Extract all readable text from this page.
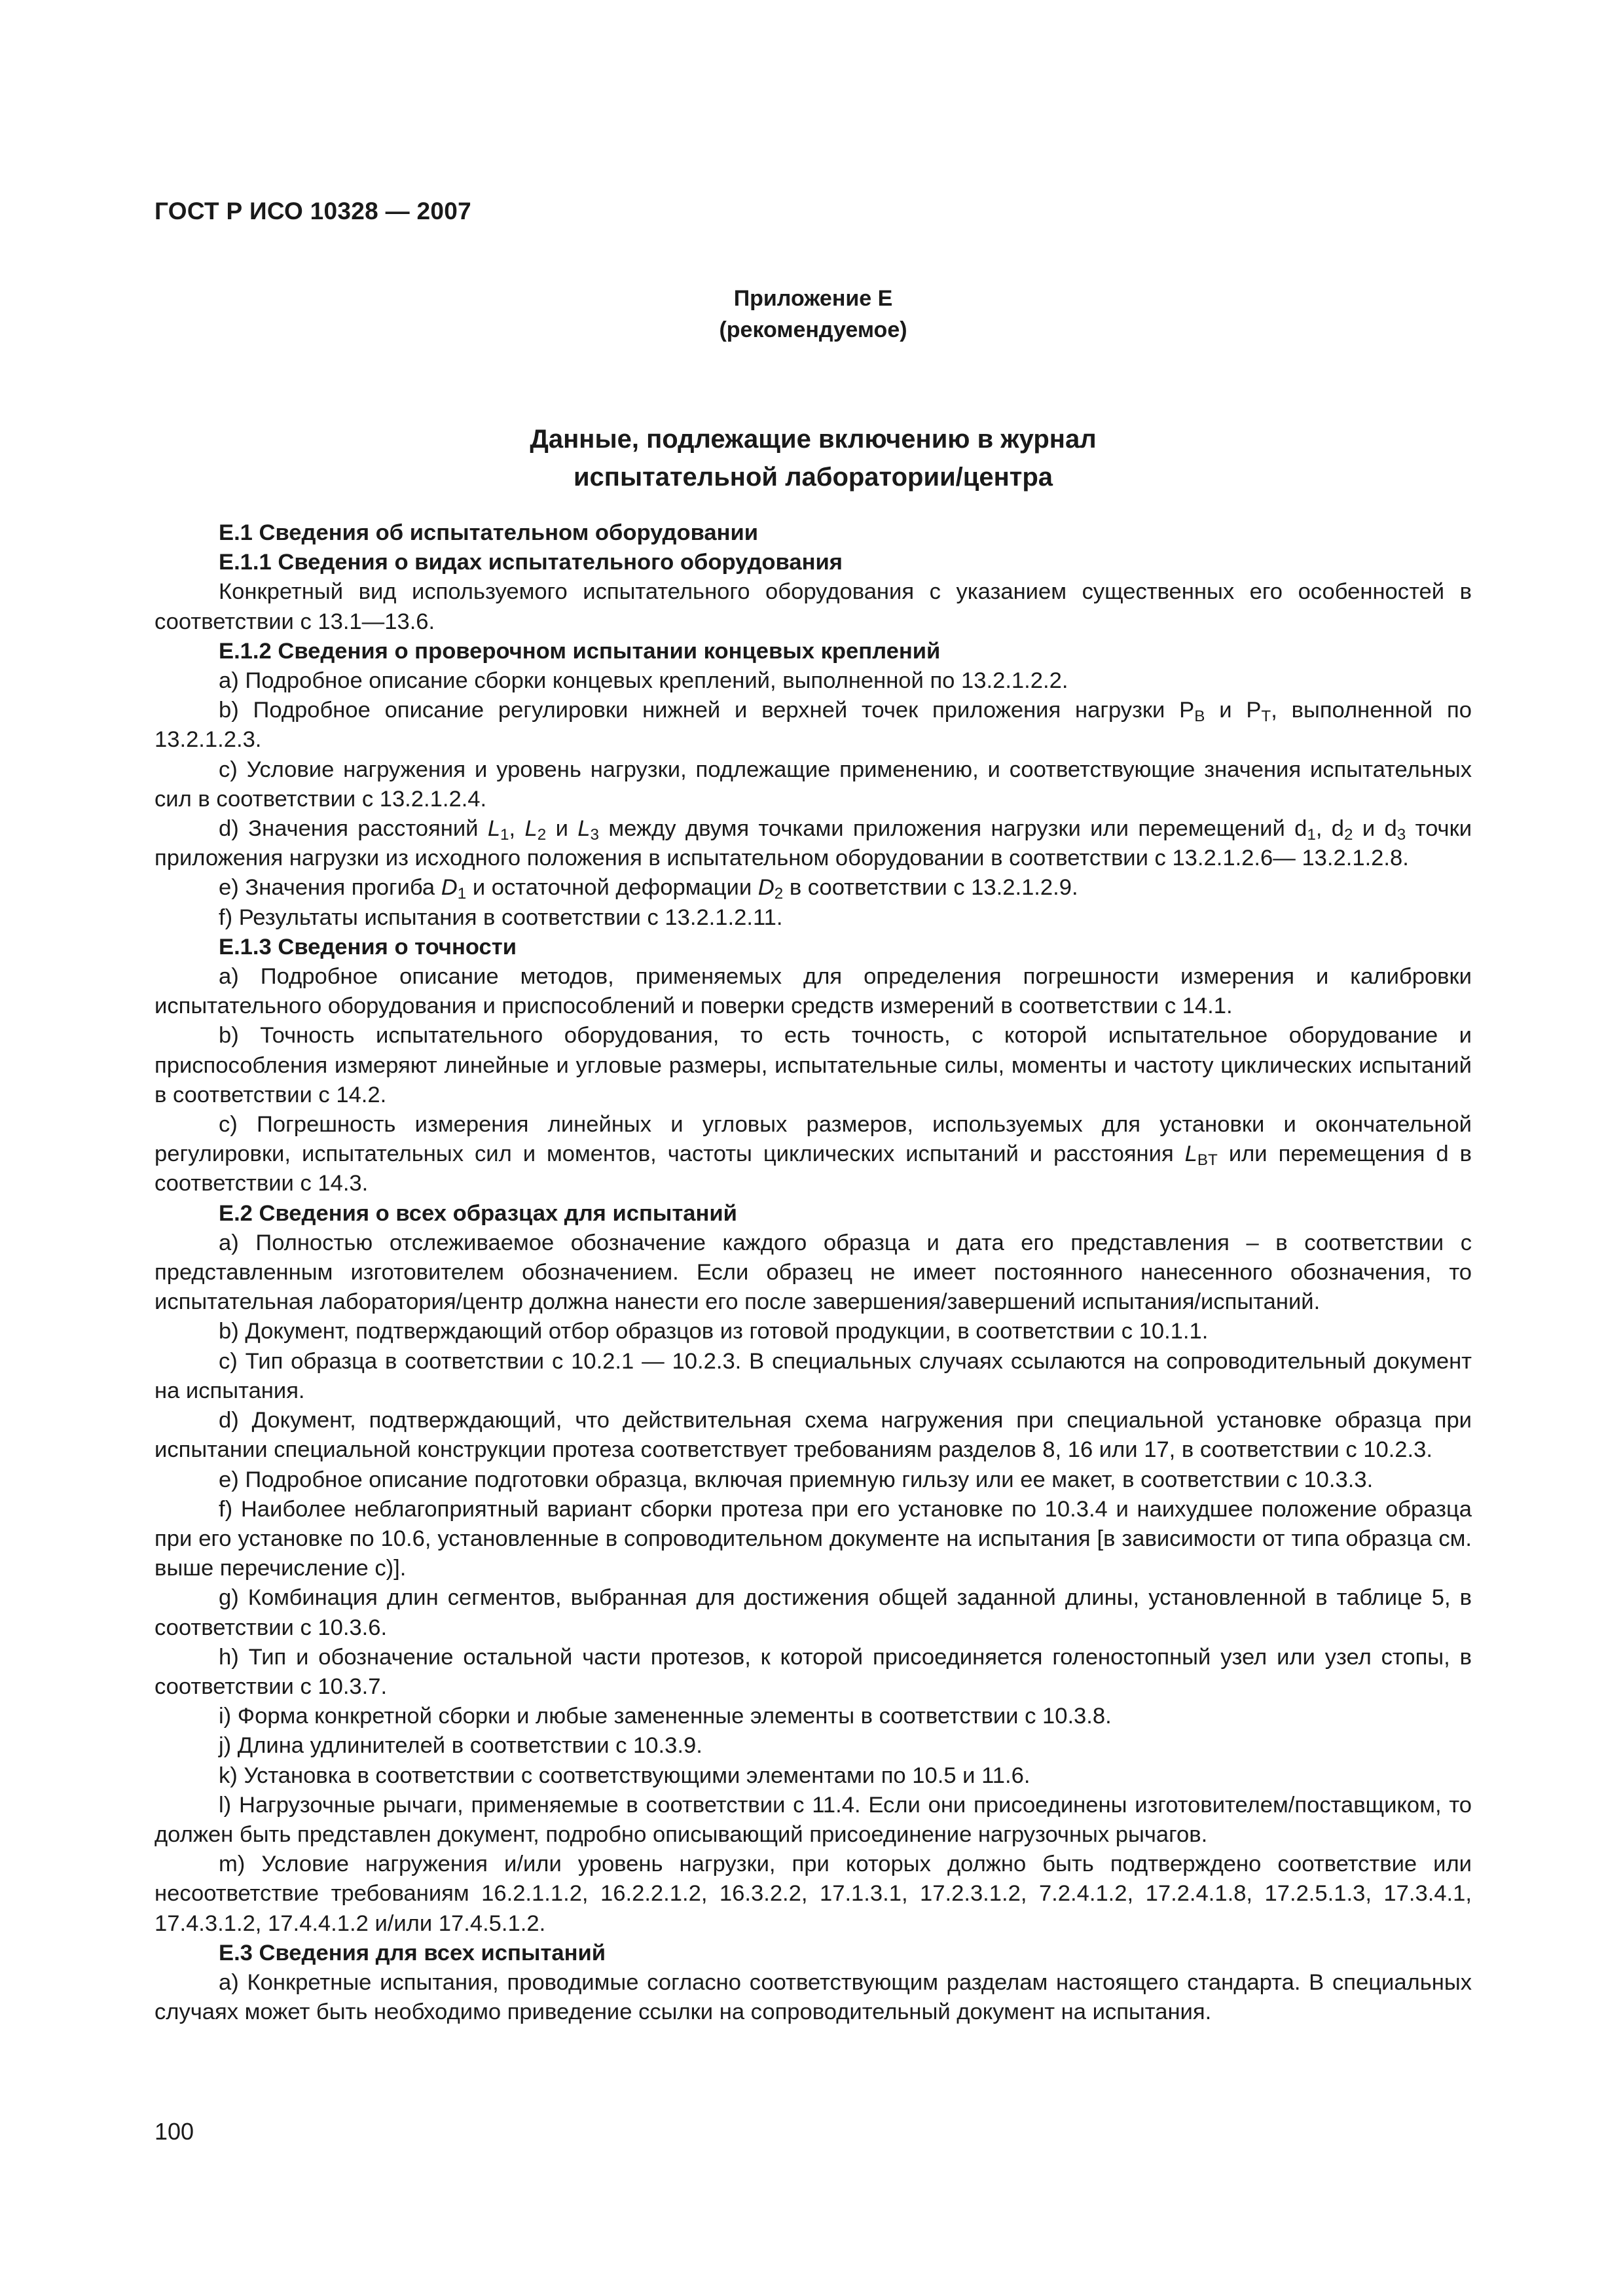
ГОСТ Р ИСО 10328 — 2007
Приложение Е
(рекомендуемое)
Данные, подлежащие включению в журнал
испытательной лаборатории/центра

Е.1 Сведения об испытательном оборудовании

Е.1.1 Сведения о видах испытательного оборудования

Конкретный вид используемого испытательного оборудования с указанием существенных его особенностей в соответствии с 13.1—13.6.

Е.1.2 Сведения о проверочном испытании концевых креплений

a) Подробное описание сборки концевых креплений, выполненной по 13.2.1.2.2.

b) Подробное описание регулировки нижней и верхней точек приложения нагрузки $P_B$ и $P_T$, выполненной по 13.2.1.2.3.

c) Условие нагружения и уровень нагрузки, подлежащие применению, и соответствующие значения испытательных сил в соответствии с 13.2.1.2.4.

d) Значения расстояний $L_1$, $L_2$ и $L_3$ между двумя точками приложения нагрузки или перемещений $d_1$, $d_2$ и $d_3$ точки приложения нагрузки из исходного положения в испытательном оборудовании в соответствии с 13.2.1.2.6— 13.2.1.2.8.

e) Значения прогиба $D_1$ и остаточной деформации $D_2$ в соответствии с 13.2.1.2.9.

f) Результаты испытания в соответствии с 13.2.1.2.11.

Е.1.3 Сведения о точности

a) Подробное описание методов, применяемых для определения погрешности измерения и калибровки испытательного оборудования и приспособлений и поверки средств измерений в соответствии с 14.1.

b) Точность испытательного оборудования, то есть точность, с которой испытательное оборудование и приспособления измеряют линейные и угловые размеры, испытательные силы, моменты и частоту циклических испытаний в соответствии с 14.2.

c) Погрешность измерения линейных и угловых размеров, используемых для установки и окончательной регулировки, испытательных сил и моментов, частоты циклических испытаний и расстояния $L_{BT}$ или перемещения d в соответствии с 14.3.

Е.2 Сведения о всех образцах для испытаний

a) Полностью отслеживаемое обозначение каждого образца и дата его представления – в соответствии с представленным изготовителем обозначением. Если образец не имеет постоянного нанесенного обозначения, то испытательная лаборатория/центр должна нанести его после завершения/завершений испытания/испытаний.

b) Документ, подтверждающий отбор образцов из готовой продукции, в соответствии с 10.1.1.

c) Тип образца в соответствии с 10.2.1 — 10.2.3. В специальных случаях ссылаются на сопроводительный документ на испытания.

d) Документ, подтверждающий, что действительная схема нагружения при специальной установке образца при испытании специальной конструкции протеза соответствует требованиям разделов 8, 16 или 17, в соответствии с 10.2.3.

e) Подробное описание подготовки образца, включая приемную гильзу или ее макет, в соответствии с 10.3.3.

f) Наиболее неблагоприятный вариант сборки протеза при его установке по 10.3.4 и наихудшее положение образца при его установке по 10.6, установленные в сопроводительном документе на испытания [в зависимости от типа образца см. выше перечисление с)].

g) Комбинация длин сегментов, выбранная для достижения общей заданной длины, установленной в таблице 5, в соответствии с 10.3.6.

h) Тип и обозначение остальной части протезов, к которой присоединяется голеностопный узел или узел стопы, в соответствии с 10.3.7.

i) Форма конкретной сборки и любые замененные элементы в соответствии с 10.3.8.

j) Длина удлинителей в соответствии с 10.3.9.

k) Установка в соответствии с соответствующими элементами по 10.5 и 11.6.

l) Нагрузочные рычаги, применяемые в соответствии с 11.4. Если они присоединены изготовителем/поставщиком, то должен быть представлен документ, подробно описывающий присоединение нагрузочных рычагов.

m) Условие нагружения и/или уровень нагрузки, при которых должно быть подтверждено соответствие или несоответствие требованиям 16.2.1.1.2, 16.2.2.1.2, 16.3.2.2, 17.1.3.1, 17.2.3.1.2, 7.2.4.1.2, 17.2.4.1.8, 17.2.5.1.3, 17.3.4.1, 17.4.3.1.2, 17.4.4.1.2 и/или 17.4.5.1.2.

Е.3 Сведения для всех испытаний

a) Конкретные испытания, проводимые согласно соответствующим разделам настоящего стандарта. В специальных случаях может быть необходимо приведение ссылки на сопроводительный документ на испытания.

100
